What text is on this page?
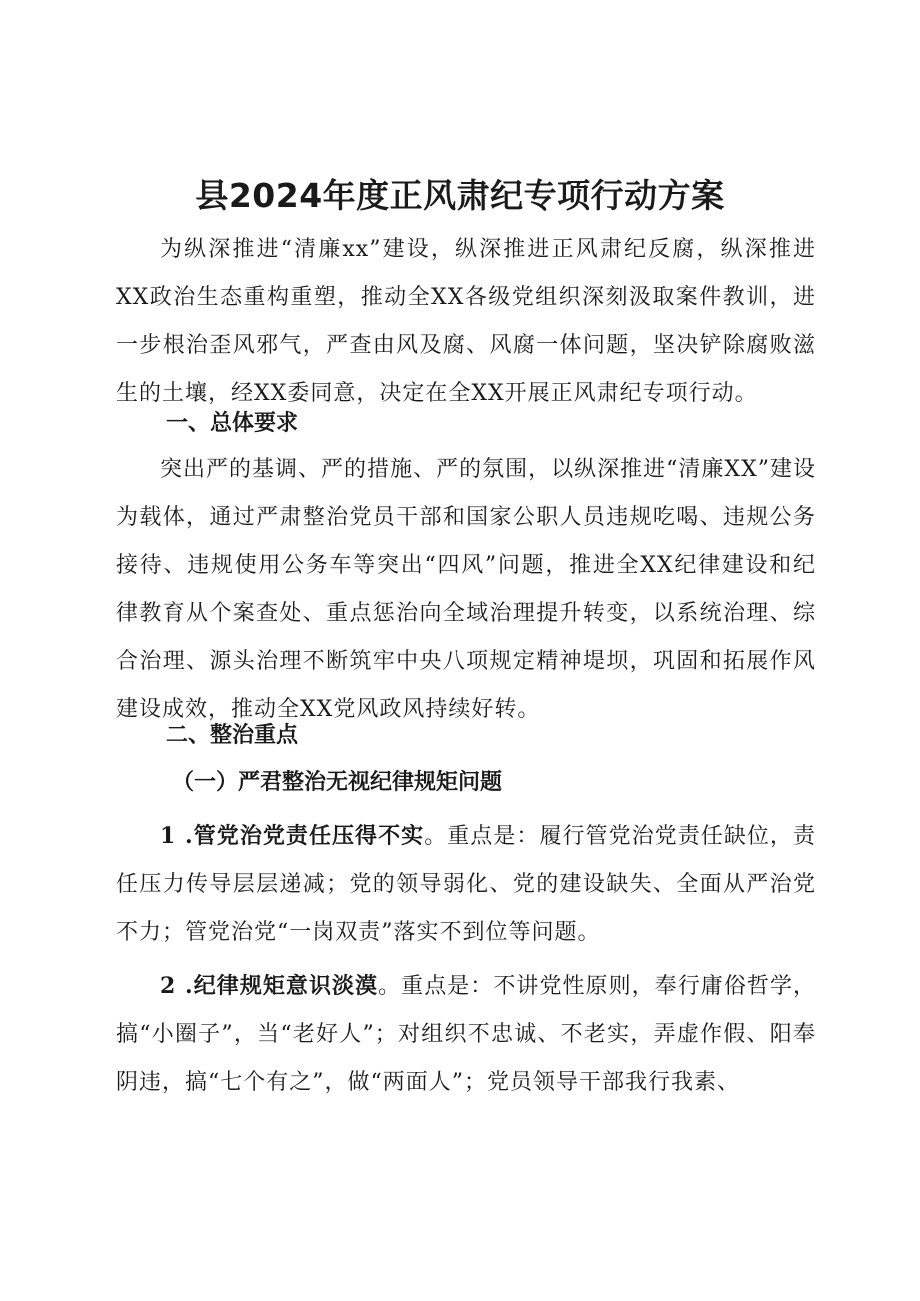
县2024年度正风肃纪专项行动方案

为纵深推进“清廉xx”建设，纵深推进正风肃纪反腐，纵深推进XX政治生态重构重塑，推动全XX各级党组织深刻汲取案件教训，进一步根治歪风邪气，严查由风及腐、风腐一体问题，坚决铲除腐败滋生的土壤，经XX委同意，决定在全XX开展正风肃纪专项行动。

一、总体要求

突出严的基调、严的措施、严的氛围，以纵深推进“清廉XX”建设为载体，通过严肃整治党员干部和国家公职人员违规吃喝、违规公务接待、违规使用公务车等突出“四风”问题，推进全XX纪律建设和纪律教育从个案查处、重点惩治向全域治理提升转变，以系统治理、综合治理、源头治理不断筑牢中央八项规定精神堤坝，巩固和拓展作风建设成效，推动全XX党风政风持续好转。

二、整治重点
（一）严君整治无视纪律规矩问题

1 .管党治党责任压得不实。重点是：履行管党治党责任缺位，责任压力传导层层递减；党的领导弱化、党的建设缺失、全面从严治党不力；管党治党“一岗双责”落实不到位等问题。

2 .纪律规矩意识淡漠。重点是：不讲党性原则，奉行庸俗哲学，搞“小圈子”，当“老好人”；对组织不忠诚、不老实，弄虚作假、阳奉阴违，搞“七个有之”，做“两面人”；党员领导干部我行我素、
